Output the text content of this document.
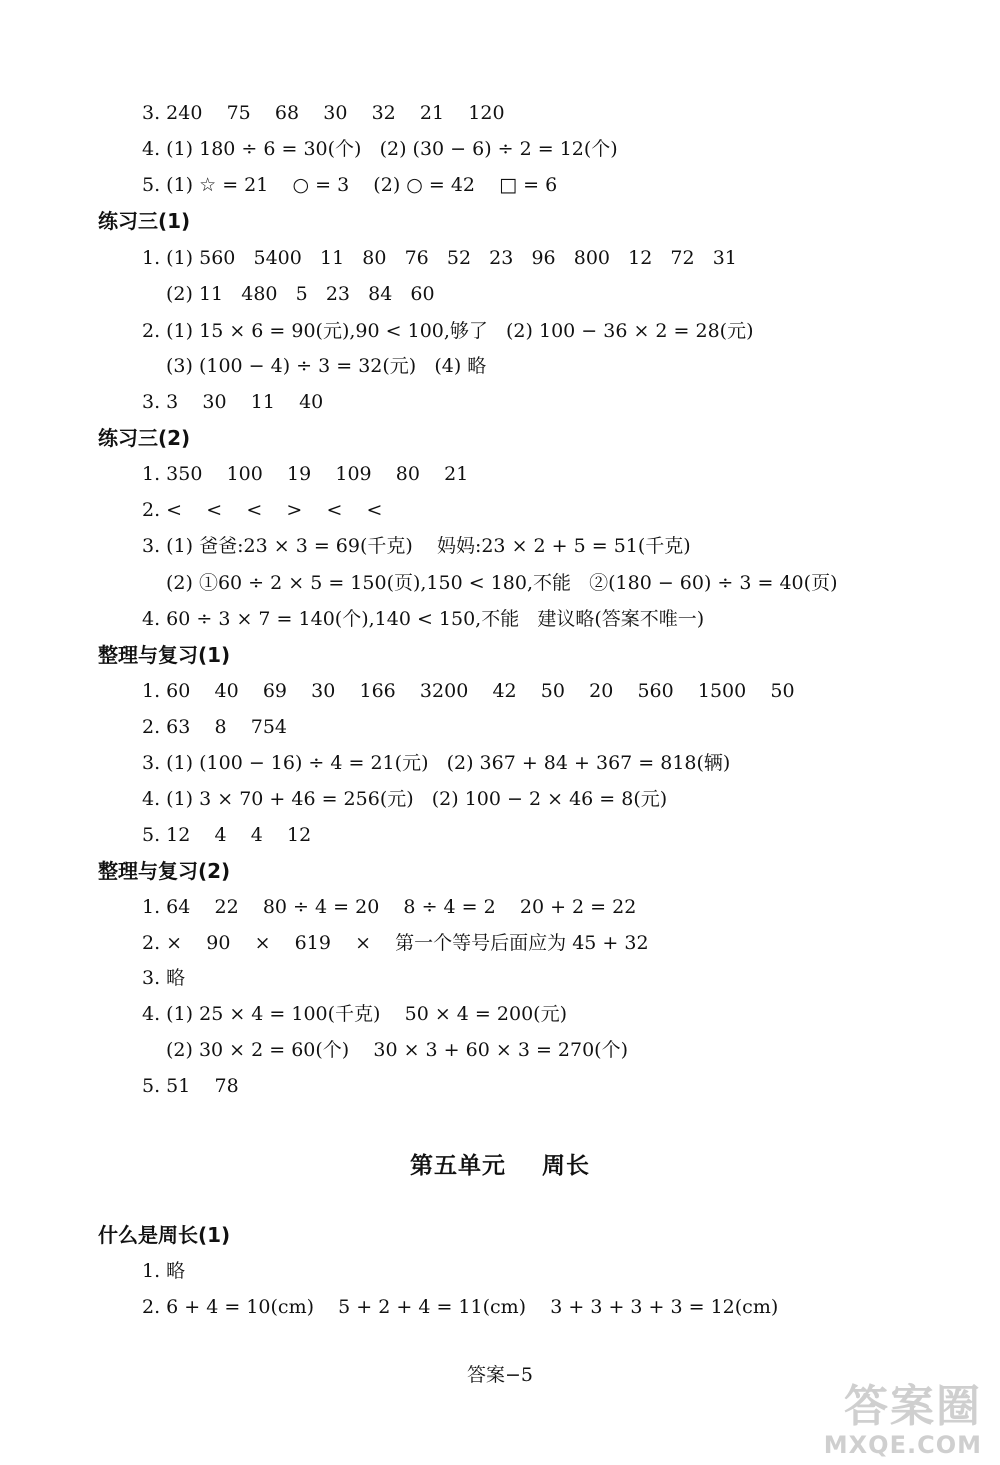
3. 240    75    68    30    32    21    120
4. (1) 180 ÷ 6 = 30(个)   (2) (30 − 6) ÷ 2 = 12(个)
5. (1) ☆ = 21    ○ = 3    (2) ○ = 42    □ = 6
练习三(1)
1. (1) 560   5400   11   80   76   52   23   96   800   12   72   31
(2) 11   480   5   23   84   60
2. (1) 15 × 6 = 90(元),90 < 100,够了   (2) 100 − 36 × 2 = 28(元)
(3) (100 − 4) ÷ 3 = 32(元)   (4) 略
3. 3    30    11    40
练习三(2)
1. 350    100    19    109    80    21
2. <    <    <    >    <    <
3. (1) 爸爸:23 × 3 = 69(千克)    妈妈:23 × 2 + 5 = 51(千克)
(2) ①60 ÷ 2 × 5 = 150(页),150 < 180,不能   ②(180 − 60) ÷ 3 = 40(页)
4. 60 ÷ 3 × 7 = 140(个),140 < 150,不能   建议略(答案不唯一)
整理与复习(1)
1. 60    40    69    30    166    3200    42    50    20    560    1500    50
2. 63    8    754
3. (1) (100 − 16) ÷ 4 = 21(元)   (2) 367 + 84 + 367 = 818(辆)
4. (1) 3 × 70 + 46 = 256(元)   (2) 100 − 2 × 46 = 8(元)
5. 12    4    4    12
整理与复习(2)
1. 64    22    80 ÷ 4 = 20    8 ÷ 4 = 2    20 + 2 = 22
2. ×    90    ×    619    ×    第一个等号后面应为 45 + 32
3. 略
4. (1) 25 × 4 = 100(千克)    50 × 4 = 200(元)
(2) 30 × 2 = 60(个)    30 × 3 + 60 × 3 = 270(个)
5. 51    78
第五单元    周长
什么是周长(1)
1. 略
2. 6 + 4 = 10(cm)    5 + 2 + 4 = 11(cm)    3 + 3 + 3 + 3 = 12(cm)
答案−5
答案圈
MXQE.COM
